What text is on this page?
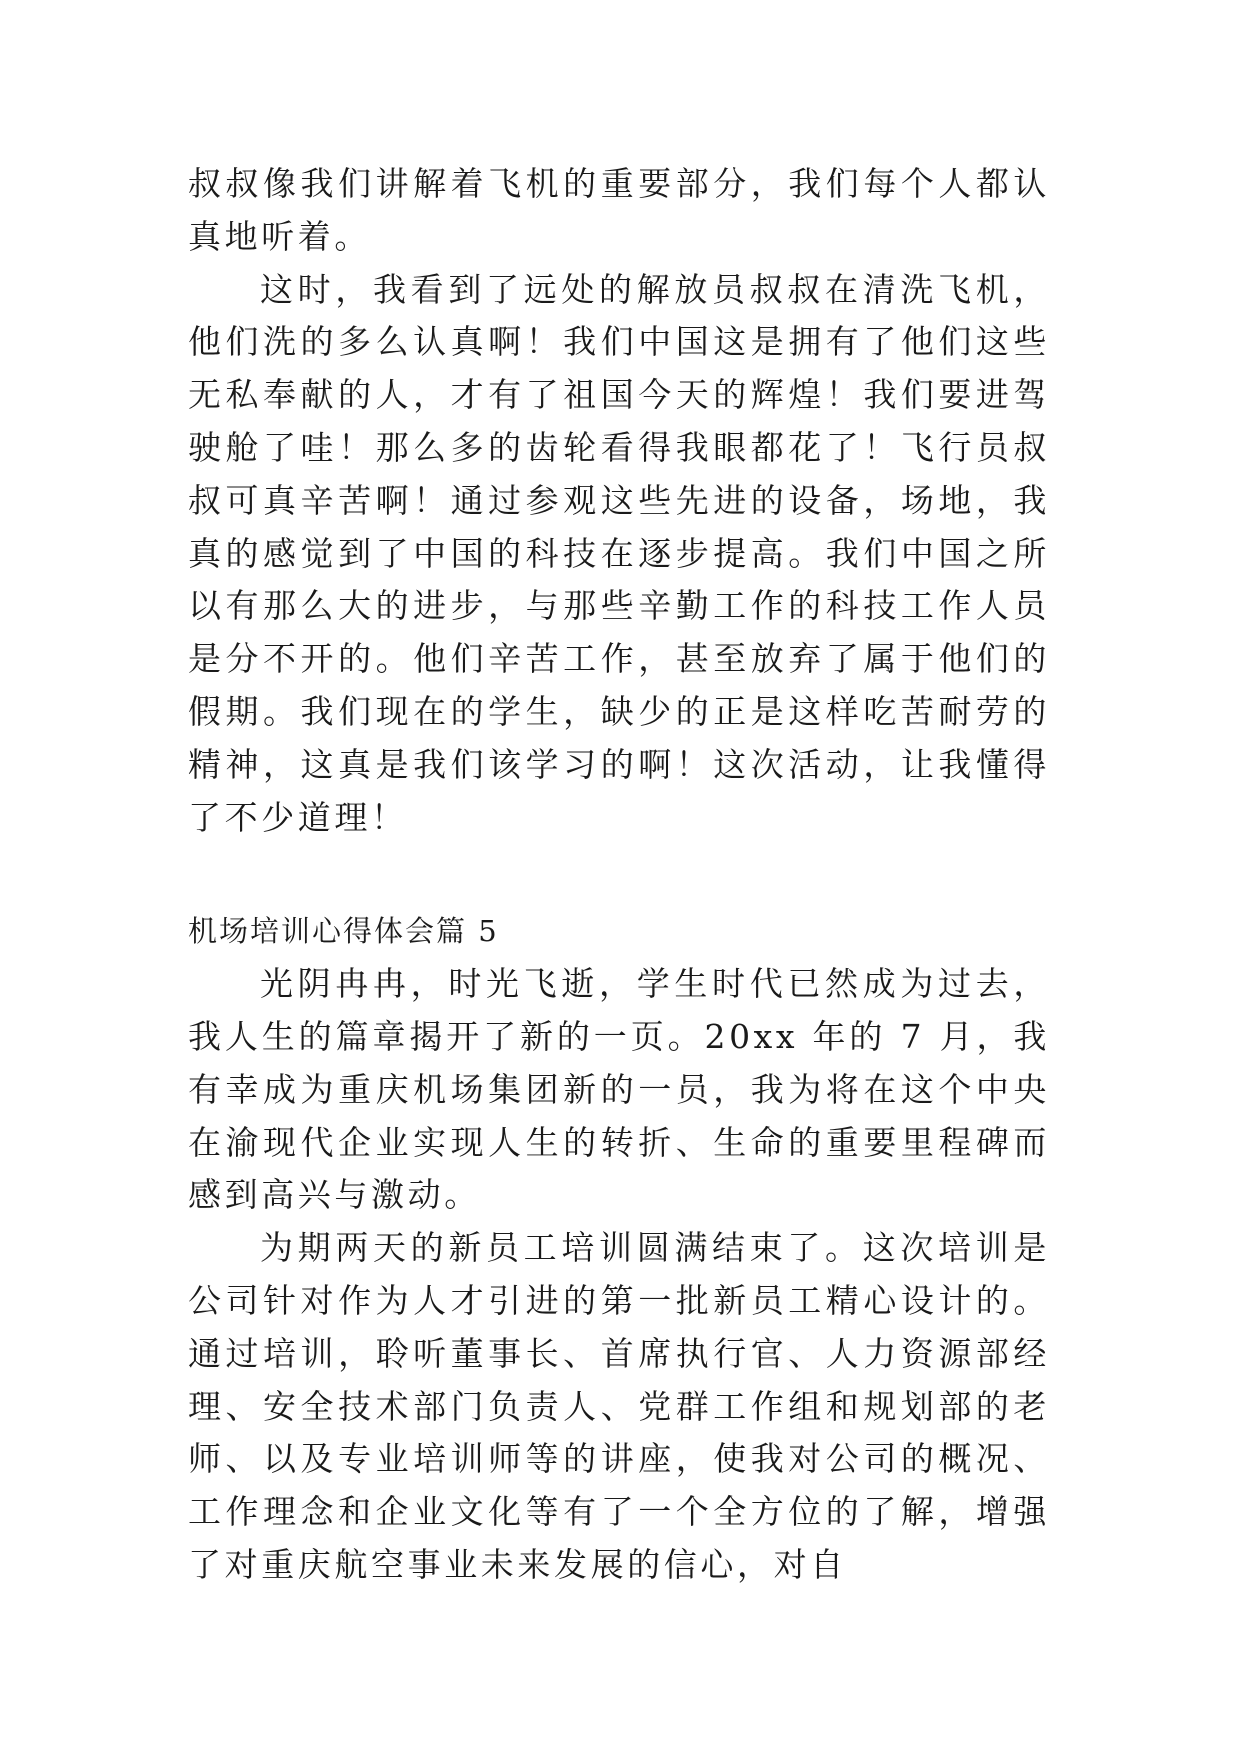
叔叔像我们讲解着飞机的重要部分，我们每个人都认真地听着。

这时，我看到了远处的解放员叔叔在清洗飞机，他们洗的多么认真啊！我们中国这是拥有了他们这些无私奉献的人，才有了祖国今天的辉煌！我们要进驾驶舱了哇！那么多的齿轮看得我眼都花了！飞行员叔叔可真辛苦啊！通过参观这些先进的设备，场地，我真的感觉到了中国的科技在逐步提高。我们中国之所以有那么大的进步，与那些辛勤工作的科技工作人员是分不开的。他们辛苦工作，甚至放弃了属于他们的假期。我们现在的学生，缺少的正是这样吃苦耐劳的精神，这真是我们该学习的啊！这次活动，让我懂得了不少道理！

机场培训心得体会篇 5

光阴冉冉，时光飞逝，学生时代已然成为过去，我人生的篇章揭开了新的一页。20xx 年的 7 月，我有幸成为重庆机场集团新的一员，我为将在这个中央在渝现代企业实现人生的转折、生命的重要里程碑而感到高兴与激动。

为期两天的新员工培训圆满结束了。这次培训是公司针对作为人才引进的第一批新员工精心设计的。通过培训，聆听董事长、首席执行官、人力资源部经理、安全技术部门负责人、党群工作组和规划部的老师、以及专业培训师等的讲座，使我对公司的概况、工作理念和企业文化等有了一个全方位的了解，增强了对重庆航空事业未来发展的信心，对自
